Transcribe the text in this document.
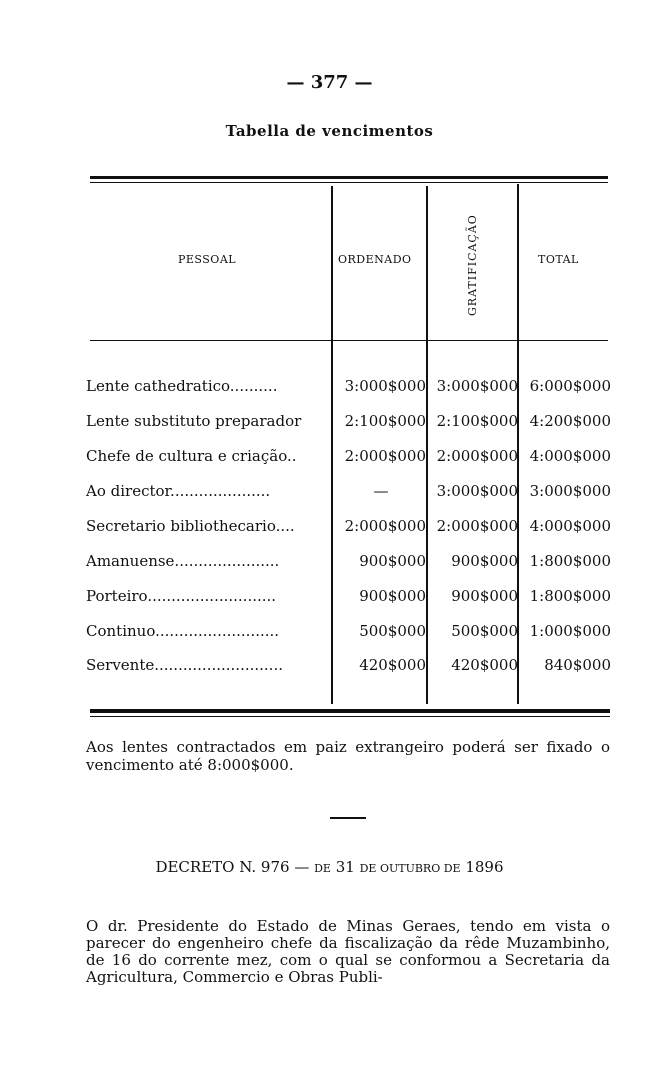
— 377 —
Tabella de vencimentos
PESSOAL	ORDENADO	GRATIFICAÇÃO	TOTAL
Lente cathedratico..........	3:000$000 3:000$000 6:000$000
Lente substituto preparador	2:100$000 2:100$000 4:200$000
Chefe de cultura e criação..	2:000$000 2:000$000 4:000$000
Ao director.....................	—	3:000$000 3:000$000
Secretario bibliothecario....	2:000$000 2:000$000 4:000$000
Amanuense......................	900$000	900$000 1:800$000
Porteiro...........................	900$000	900$000 1:800$000
Continuo..........................	500$000	500$000 1:000$000
Servente...........................	420$000	420$000	840$000
Aos lentes contractados em paiz extrangeiro poderá ser fixado o vencimento até 8:000$000.
DECRETO N. 976 — DE 31 DE OUTUBRO DE 1896
O dr. Presidente do Estado de Minas Geraes, tendo em vista o parecer do engenheiro chefe da fiscalização da rêde Muzambinho, de 16 do corrente mez, com o qual se conformou a Secretaria da Agricultura, Commercio e Obras Publi-
